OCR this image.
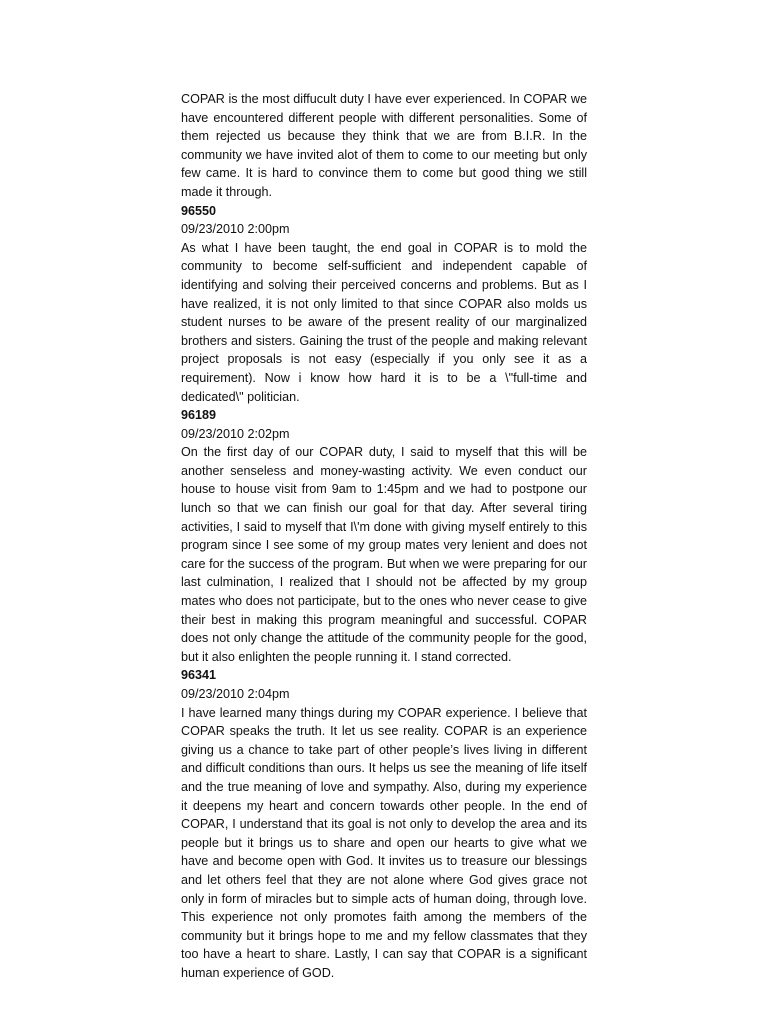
COPAR is the most diffucult duty I have ever experienced. In COPAR we have encountered different people with different personalities. Some of them rejected us because they think that we are from B.I.R. In the community we have invited alot of them to come to our meeting but only few came. It is hard to convince them to come but good thing we still made it through.

96550

09/23/2010 2:00pm

As what I have been taught, the end goal in COPAR is to mold the community to become self-sufficient and independent capable of identifying and solving their perceived concerns and problems. But as I have realized, it is not only limited to that since COPAR also molds us student nurses to be aware of the present reality of our marginalized brothers and sisters. Gaining the trust of the people and making relevant project proposals is not easy (especially if you only see it as a requirement). Now i know how hard it is to be a \"full-time and dedicated\" politician.

96189

09/23/2010 2:02pm

On the first day of our COPAR duty, I said to myself that this will be another senseless and money-wasting activity. We even conduct our house to house visit from 9am to 1:45pm and we had to postpone our lunch so that we can finish our goal for that day. After several tiring activities, I said to myself that I\'m done with giving myself entirely to this program since I see some of my group mates very lenient and does not care for the success of the program. But when we were preparing for our last culmination, I realized that I should not be affected by my group mates who does not participate, but to the ones who never cease to give their best in making this program meaningful and successful. COPAR does not only change the attitude of the community people for the good, but it also enlighten the people running it. I stand corrected.

96341

09/23/2010 2:04pm

I have learned many things during my COPAR experience. I believe that COPAR speaks the truth. It let us see reality. COPAR is an experience giving us a chance to take part of other people’s lives living in different and difficult conditions than ours. It helps us see the meaning of life itself and the true meaning of love and sympathy. Also, during my experience it deepens my heart and concern towards other people. In the end of COPAR, I understand that its goal is not only to develop the area and its people but it brings us to share and open our hearts to give what we have and become open with God. It invites us to treasure our blessings and let others feel that they are not alone where God gives grace not only in form of miracles but to simple acts of human doing, through love. This experience not only promotes faith among the members of the community but it brings hope to me and my fellow classmates that they too have a heart to share. Lastly, I can say that COPAR is a significant human experience of GOD.
